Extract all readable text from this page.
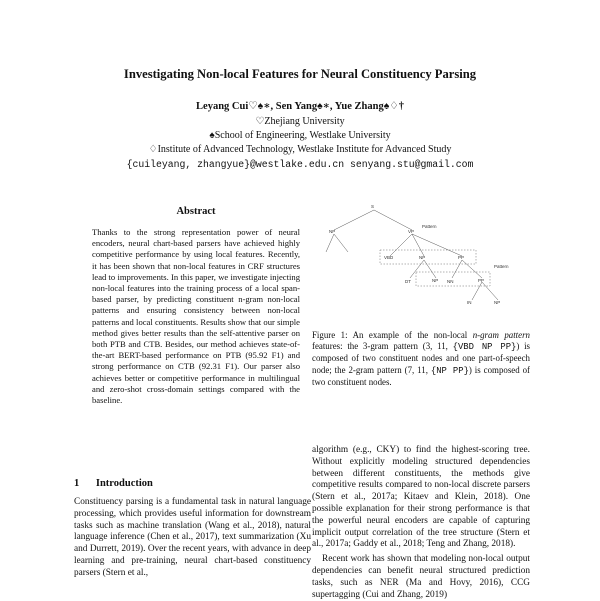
Investigating Non-local Features for Neural Constituency Parsing
Leyang Cui♡♠∗, Sen Yang♠∗, Yue Zhang♠♢†
♡Zhejiang University
♠School of Engineering, Westlake University
♢Institute of Advanced Technology, Westlake Institute for Advanced Study
{cuileyang, zhangyue}@westlake.edu.cn senyang.stu@gmail.com
Abstract
Thanks to the strong representation power of neural encoders, neural chart-based parsers have achieved highly competitive performance by using local features. Recently, it has been shown that non-local features in CRF structures lead to improvements. In this paper, we investigate injecting non-local features into the training process of a local span-based parser, by predicting constituent n-gram non-local patterns and ensuring consistency between non-local patterns and local constituents. Results show that our simple method gives better results than the self-attentive parser on both PTB and CTB. Besides, our method achieves state-of-the-art BERT-based performance on PTB (95.92 F1) and strong performance on CTB (92.31 F1). Our parser also achieves better or competitive performance in multilingual and zero-shot cross-domain settings compared with the baseline.
1 Introduction
Constituency parsing is a fundamental task in natural language processing, which provides useful information for downstream tasks such as machine translation (Wang et al., 2018), natural language inference (Chen et al., 2017), text summarization (Xu and Durrett, 2019). Over the recent years, with advance in deep learning and pre-training, neural chart-based constituency parsers (Stern et al.,
S
NP	VP
Pattern
VBD	NP	PP
Pattern
NP	PP
DT	NN
IN	NP
Figure 1: An example of the non-local n-gram pattern features: the 3-gram pattern (3, 11, {VBD NP PP}) is composed of two constituent nodes and one part-of-speech node; the 2-gram pattern (7, 11, {NP PP}) is composed of two constituent nodes.

algorithm (e.g., CKY) to find the highest-scoring tree. Without explicitly modeling structured dependencies between different constituents, the methods give competitive results compared to non-local discrete parsers (Stern et al., 2017a; Kitaev and Klein, 2018). One possible explanation for their strong performance is that the powerful neural encoders are capable of capturing implicit output correlation of the tree structure (Stern et al., 2017a; Gaddy et al., 2018; Teng and Zhang, 2018).

Recent work has shown that modeling non-local output dependencies can benefit neural structured prediction tasks, such as NER (Ma and Hovy, 2016), CCG supertagging (Cui and Zhang, 2019)
